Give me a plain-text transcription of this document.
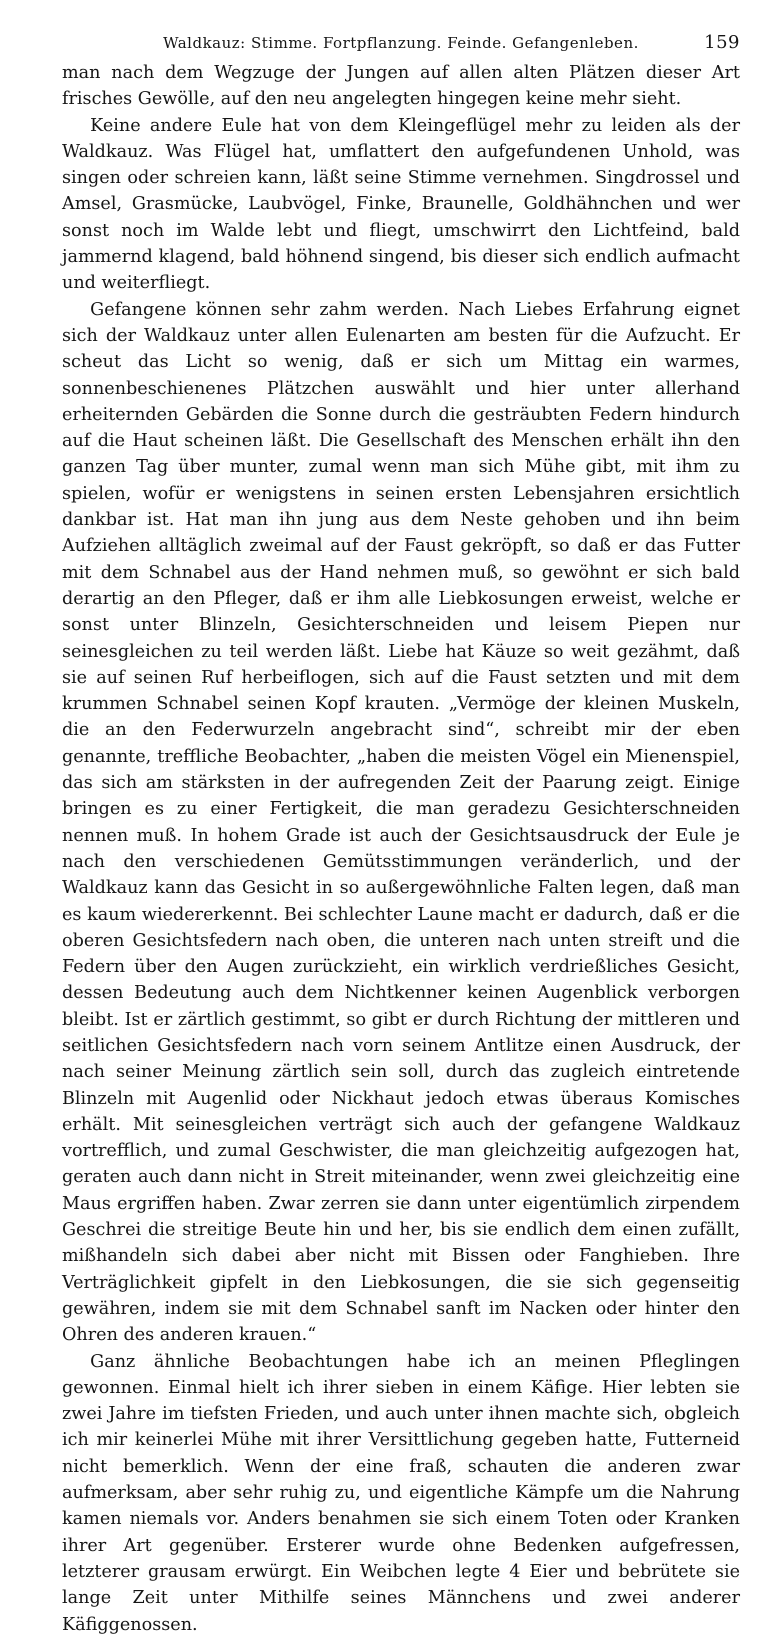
Waldkauz: Stimme. Fortpflanzung. Feinde. Gefangenleben.	159

man nach dem Wegzuge der Jungen auf allen alten Plätzen dieser Art frisches Gewölle, auf den neu angelegten hingegen keine mehr sieht.

Keine andere Eule hat von dem Kleingeflügel mehr zu leiden als der Waldkauz. Was Flügel hat, umflattert den aufgefundenen Unhold, was singen oder schreien kann, läßt seine Stimme vernehmen. Singdrossel und Amsel, Grasmücke, Laubvögel, Finke, Braunelle, Goldhähnchen und wer sonst noch im Walde lebt und fliegt, umschwirrt den Lichtfeind, bald jammernd klagend, bald höhnend singend, bis dieser sich endlich aufmacht und weiterfliegt.

Gefangene können sehr zahm werden. Nach Liebes Erfahrung eignet sich der Waldkauz unter allen Eulenarten am besten für die Aufzucht. Er scheut das Licht so wenig, daß er sich um Mittag ein warmes, sonnenbeschienenes Plätzchen auswählt und hier unter allerhand erheiternden Gebärden die Sonne durch die gesträubten Federn hindurch auf die Haut scheinen läßt. Die Gesellschaft des Menschen erhält ihn den ganzen Tag über munter, zumal wenn man sich Mühe gibt, mit ihm zu spielen, wofür er wenigstens in seinen ersten Lebensjahren ersichtlich dankbar ist. Hat man ihn jung aus dem Neste gehoben und ihn beim Aufziehen alltäglich zweimal auf der Faust gekröpft, so daß er das Futter mit dem Schnabel aus der Hand nehmen muß, so gewöhnt er sich bald derartig an den Pfleger, daß er ihm alle Liebkosungen erweist, welche er sonst unter Blinzeln, Gesichterschneiden und leisem Piepen nur seinesgleichen zu teil werden läßt. Liebe hat Käuze so weit gezähmt, daß sie auf seinen Ruf herbeiflogen, sich auf die Faust setzten und mit dem krummen Schnabel seinen Kopf krauten. „Vermöge der kleinen Muskeln, die an den Federwurzeln angebracht sind“, schreibt mir der eben genannte, treffliche Beobachter, „haben die meisten Vögel ein Mienenspiel, das sich am stärksten in der aufregenden Zeit der Paarung zeigt. Einige bringen es zu einer Fertigkeit, die man geradezu Gesichterschneiden nennen muß. In hohem Grade ist auch der Gesichtsausdruck der Eule je nach den verschiedenen Gemütsstimmungen veränderlich, und der Waldkauz kann das Gesicht in so außergewöhnliche Falten legen, daß man es kaum wiedererkennt. Bei schlechter Laune macht er dadurch, daß er die oberen Gesichtsfedern nach oben, die unteren nach unten streift und die Federn über den Augen zurückzieht, ein wirklich verdrießliches Gesicht, dessen Bedeutung auch dem Nichtkenner keinen Augenblick verborgen bleibt. Ist er zärtlich gestimmt, so gibt er durch Richtung der mittleren und seitlichen Gesichtsfedern nach vorn seinem Antlitze einen Ausdruck, der nach seiner Meinung zärtlich sein soll, durch das zugleich eintretende Blinzeln mit Augenlid oder Nickhaut jedoch etwas überaus Komisches erhält. Mit seinesgleichen verträgt sich auch der gefangene Waldkauz vortrefflich, und zumal Geschwister, die man gleichzeitig aufgezogen hat, geraten auch dann nicht in Streit miteinander, wenn zwei gleichzeitig eine Maus ergriffen haben. Zwar zerren sie dann unter eigentümlich zirpendem Geschrei die streitige Beute hin und her, bis sie endlich dem einen zufällt, mißhandeln sich dabei aber nicht mit Bissen oder Fanghieben. Ihre Verträglichkeit gipfelt in den Liebkosungen, die sie sich gegenseitig gewähren, indem sie mit dem Schnabel sanft im Nacken oder hinter den Ohren des anderen krauen.“

Ganz ähnliche Beobachtungen habe ich an meinen Pfleglingen gewonnen. Einmal hielt ich ihrer sieben in einem Käfige. Hier lebten sie zwei Jahre im tiefsten Frieden, und auch unter ihnen machte sich, obgleich ich mir keinerlei Mühe mit ihrer Versittlichung gegeben hatte, Futterneid nicht bemerklich. Wenn der eine fraß, schauten die anderen zwar aufmerksam, aber sehr ruhig zu, und eigentliche Kämpfe um die Nahrung kamen niemals vor. Anders benahmen sie sich einem Toten oder Kranken ihrer Art gegenüber. Ersterer wurde ohne Bedenken aufgefressen, letzterer grausam erwürgt. Ein Weibchen legte 4 Eier und bebrütete sie lange Zeit unter Mithilfe seines Männchens und zwei anderer Käfiggenossen.
